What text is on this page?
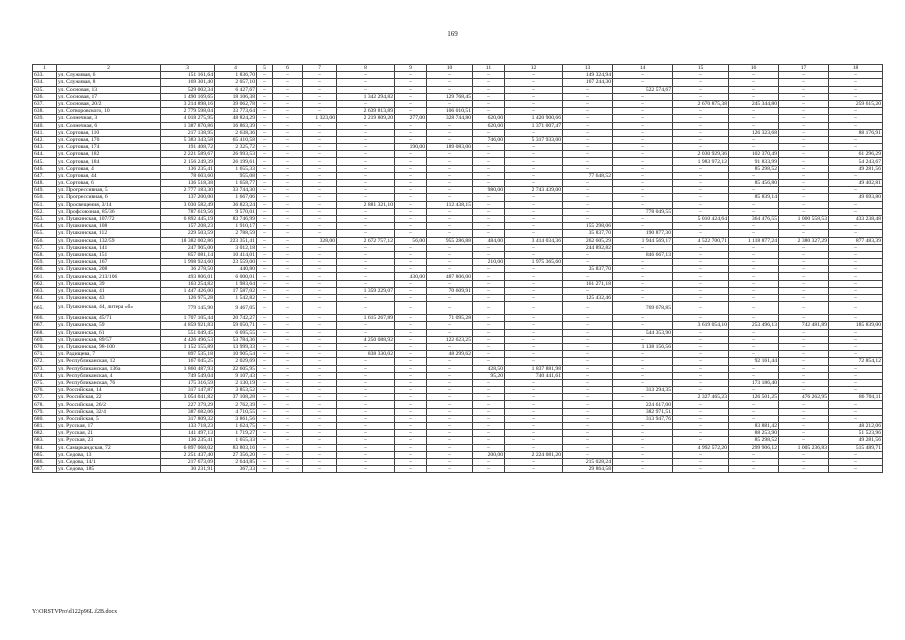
169
1	2	3	4	5	6	7	8	9	10	11	12	13	14	15	16	17	18
633.	ул. Служивая, 6	151 161,64	1 836,70	–	–	–	–	–	–	–	–	149 324,94	–	–	–	–	–
634.	ул. Служивая, 8	169 301,40	2 057,10	–	–	–	–	–	–	–	–	167 244,30	–	–	–	–	–
635.	ул. Сосновая, 13	529 002,34	6 427,67	–	–	–	–	–	–	–	–	–	522 574,67	–	–	–	–
636.	ул. Сосновая, 17	1 490 169,65	18 106,38	–	–	–	1 342 294,82	–	129 768,45	–	–	–	–	–	–	–	–
637.	ул. Сосновая, 20/2	3 214 898,16	39 062,78	–	–	–	–	–	–	–	–	–	–	2 670 875,38	245 344,80	–	259 615,20
638.	ул. Сотворовского, 10	2 779 598,04	33 773,64	–	–	–	2 639 813,89	–	106 010,51	–	–	–	–	–	–	–	–
639.	ул. Солнечная, 3	4 018 275,95	48 824,29	–	–	1 323,00	2 219 809,20	277,00	328 744,80	620,00	1 420 900,66	–	–	–	–	–	–
640.	ул. Солнечная, 6	1 387 870,86	16 863,39	–	–	–	–	–	–	620,00	1 371 007,47	–	–	–	–	–	–
641.	ул. Сортовая, 110	217 138,95	2 638,36	–	–	–	–	–	–	–	–	–	–	–	126 323,68	–	88 176,91
642.	ул. Сортовая, 170	5 383 343,58	65 410,58	–	–	–	–	–	–	746,00	5 317 933,00	–	–	–	–	–	–
643.	ул. Сортовая, 174	191 408,72	2 325,72	–	–	–	–	190,00	189 083,00	–	–	–	–	–	–	–	–
644.	ул. Сортовая, 182	2 221 589,67	26 993,53	–	–	–	–	–	–	–	–	–	–	2 030 929,36	102 370,49	–	61 296,29
645.	ул. Сортовая, 184	2 156 249,39	26 199,61	–	–	–	–	–	–	–	–	–	–	1 983 972,12	91 833,99	–	54 243,67
646.	ул. Сортовая, 4	136 235,41	1 655,33	–	–	–	–	–	–	–	–	–	–	–	85 298,52	–	49 281,56
647.	ул. Сортовая, 44	78 603,60	955,08	–	–	–	–	–	–	–	–	77 648,52	–	–	–	–	–
648.	ул. Сортовая, 6	136 518,38	1 658,77	–	–	–	–	–	–	–	–	–	–	–	85 456,80	–	49 402,81
649.	ул. Прогрессивная, 5	2 777 183,30	33 744,30	–	–	–	–	–	–	980,00	2 743 439,00	–	–	–	–	–	–
650.	ул. Прогрессивная, 6	137 200,00	1 667,06	–	–	–	–	–	–	–	–	–	–	–	85 839,14	–	49 693,80
651.	ул. Просвещения, 3/14	3 030 582,49	36 823,24	–	–	–	2 881 321,10	–	112 438,15	–	–	–	–	–	–	–	–
652.	ул. Профсоюзная, 85/36	787 619,56	9 570,01	–	–	–	–	–	–	–	–	–	778 049,55	–	–	–	–
653.	ул. Пушкинская, 107/72	6 892 445,19	83 746,99	–	–	–	–	–	–	–	–	–	–	5 010 424,64	364 476,55	1 000 558,53	433 238,48
654.	ул. Пушкинская, 108	157 208,23	1 910,17	–	–	–	–	–	–	–	–	155 298,06	–	–	–	–	–
655.	ул. Пушкинская, 112	229 503,59	2 788,59	–	–	–	–	–	–	–	–	35 837,70	190 877,30	–	–	–	–
656.	ул. Пушкинская, 132/59	18 382 002,86	223 351,41	–	–	328,00	2 672 757,12	56,00	955 286,88	484,00	3 414 034,36	262 605,29	1 944 569,17	4 522 700,71	1 118 877,24	2 380 327,29	877 483,39
657.	ул. Пушкинская, 141	247 905,00	3 012,18	–	–	–	–	–	–	–	–	244 892,82	–	–	–	–	–
658.	ул. Пушкинская, 151	857 081,14	10 414,01	–	–	–	–	–	–	–	–	–	846 667,13	–	–	–	–
659.	ул. Пушкинская, 167	1 998 924,60	23 559,00	–	–	–	–	–	–	210,00	1 975 365,60	–	–	–	–	–	–
660.	ул. Пушкинская, 208	36 278,50	440,80	–	–	–	–	–	–	–	–	35 837,70	–	–	–	–	–
661.	ул. Пушкинская, 213/106	493 806,01	6 000,01	–	–	–	–	430,00	487 806,00	–	–	–	–	–	–	–	–
662.	ул. Пушкинская, 39	163 254,82	1 983,64	–	–	–	–	–	–	–	–	161 271,18	–	–	–	–	–
663.	ул. Пушкинская, 41	1 447 426,00	17 587,02	–	–	–	1 359 229,07	–	70 609,91	–	–	–	–	–	–	–	–
664.	ул. Пушкинская, 43	126 975,28	1 542,82	–	–	–	–	–	–	–	–	125 432,46	–	–	–	–	–
665.	ул. Пушкинская, 44, литера «б»	779 145,90	9 467,05	–	–	–	–	–	–	–	–	–	769 678,85	–	–	–	–
666.	ул. Пушкинская, 45/71	1 707 105,44	20 742,27	–	–	–	1 615 267,89	–	71 095,28	–	–	–	–	–	–	–	–
667.	ул. Пушкинская, 59	4 859 921,83	59 050,71	–	–	–	–	–	–	–	–	–	–	3 619 054,10	253 496,13	742 481,89	185 839,00
668.	ул. Пушкинская, 61	551 049,45	6 695,55	–	–	–	–	–	–	–	–	–	544 353,90	–	–	–	–
669.	ул. Пушкинская, 89/57	4 426 496,53	53 784,36	–	–	–	4 250 088,92	–	122 623,25	–	–	–	–	–	–	–	–
670.	ул. Пушкинская, 98-100	1 152 155,89	13 999,33	–	–	–	–	–	–	–	–	–	1 138 156,56	–	–	–	–
671.	ул. Радищева, 7	897 535,18	10 905,54	–	–	–	838 330,02	–	48 299,62	–	–	–	–	–	–	–	–
672.	ул. Республиканская, 12	167 045,25	2 029,69	–	–	–	–	–	–	–	–	–	–	–	92 161,44	–	72 854,12
673.	ул. Республиканская, 136а	1 860 487,93	22 605,95	–	–	–	–	–	–	428,50	1 837 881,98	–	–	–	–	–	–
674.	ул. Республиканская, 4	749 549,04	9 107,43	–	–	–	–	–	–	95,20	740 441,61	–	–	–	–	–	–
675.	ул. Республиканская, 76	175 316,59	2 130,19	–	–	–	–	–	–	–	–	–	–	–	173 186,40	–	–
676.	ул. Российская, 14	317 147,87	3 853,52	–	–	–	–	–	–	–	–	–	313 294,35	–	–	–	–
677.	ул. Российская, 22	3 054 041,82	37 108,28	–	–	–	–	–	–	–	–	–	–	2 327 465,23	126 501,25	476 262,95	86 704,11
678.	ул. Российская, 26/2	227 379,29	2 762,39	–	–	–	–	–	–	–	–	–	224 617,00	–	–	–	–
679.	ул. Российская, 32/4	387 682,06	4 710,55	–	–	–	–	–	–	–	–	–	382 971,51	–	–	–	–
680.	ул. Российская, 5	317 809,32	3 861,56	–	–	–	–	–	–	–	–	–	313 947,76	–	–	–	–
681.	ул. Русская, 17	133 718,23	1 624,75	–	–	–	–	–	–	–	–	–	–	–	83 881,42	–	48 212,06
682.	ул. Русская, 21	141 497,13	1 719,27	–	–	–	–	–	–	–	–	–	–	–	88 253,90	–	51 523,96
683.	ул. Русская, 23	136 235,41	1 655,33	–	–	–	–	–	–	–	–	–	–	–	85 298,52	–	49 281,56
684.	ул. Самаркандская, 72	6 897 068,02	83 803,16	–	–	–	–	–	–	–	–	–	–	4 992 572,20	299 906,12	1 005 236,83	515 489,71
685.	ул. Седова, 13	2 251 437,40	27 356,20	–	–	–	–	–	–	200,00	2 224 081,20	–	–	–	–	–	–
686.	ул. Седова, 14/1	217 673,09	2 644,85	–	–	–	–	–	–	–	–	215 028,24	–	–	–	–	–
687.	ул. Седова, 185	30 231,91	367,33	–	–	–	–	–	–	–	–	29 864,58	–	–	–	–	–
Y:\ORSTVPro\d122p96L.f2B.docx
